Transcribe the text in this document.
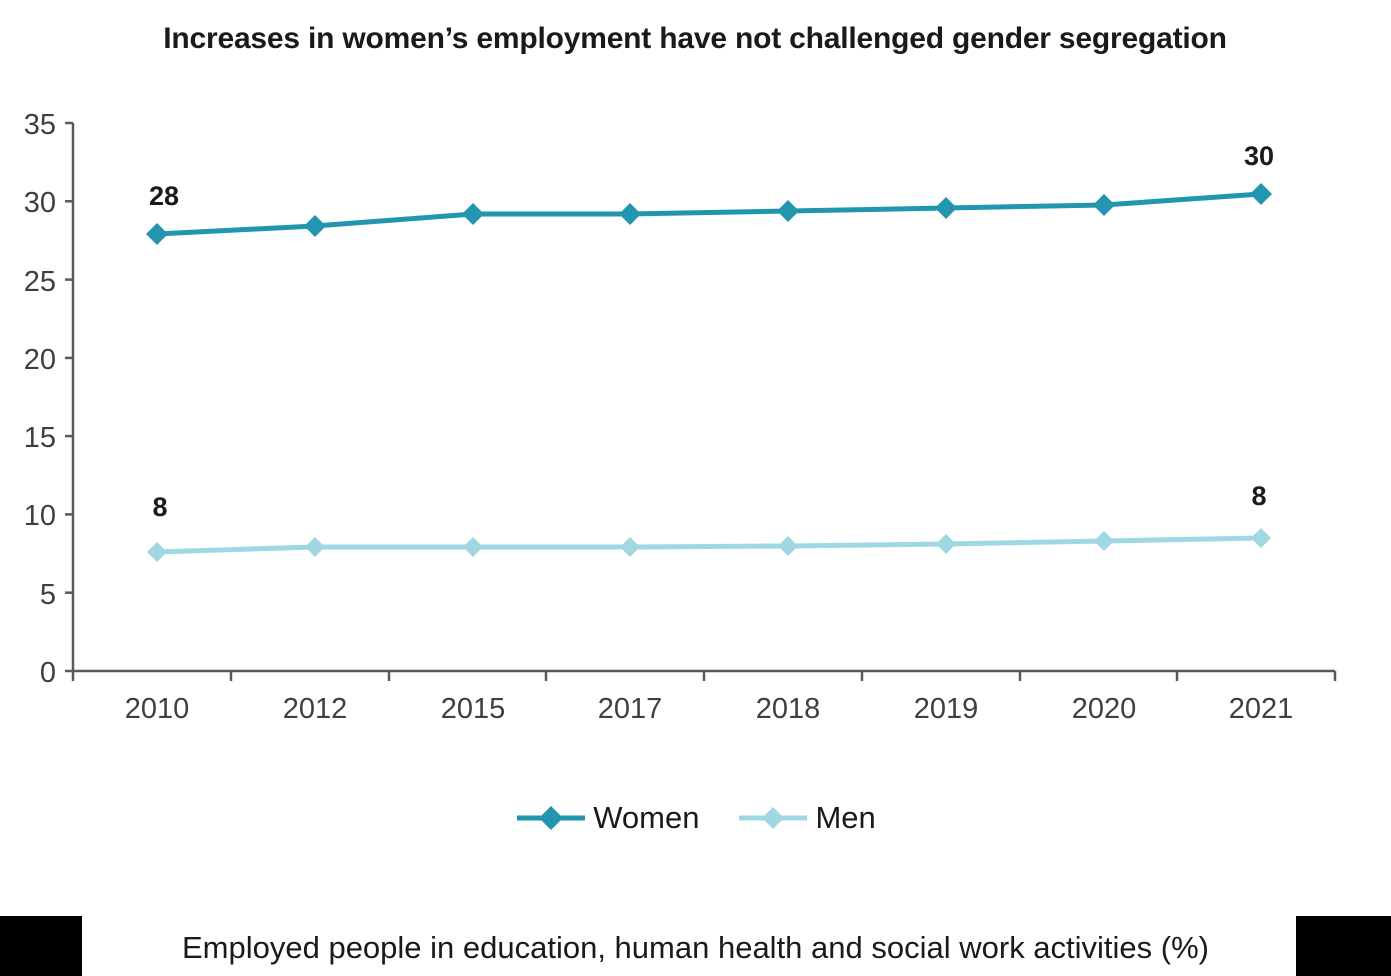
Increases in women’s employment have not challenged gender segregation
35
30
25
20
15
10
5
0
2010	2012	2015	2017	2018	2019	2020	2021
28
30
8	8
Women	Men
Employed people in education, human health and social work activities (%)
